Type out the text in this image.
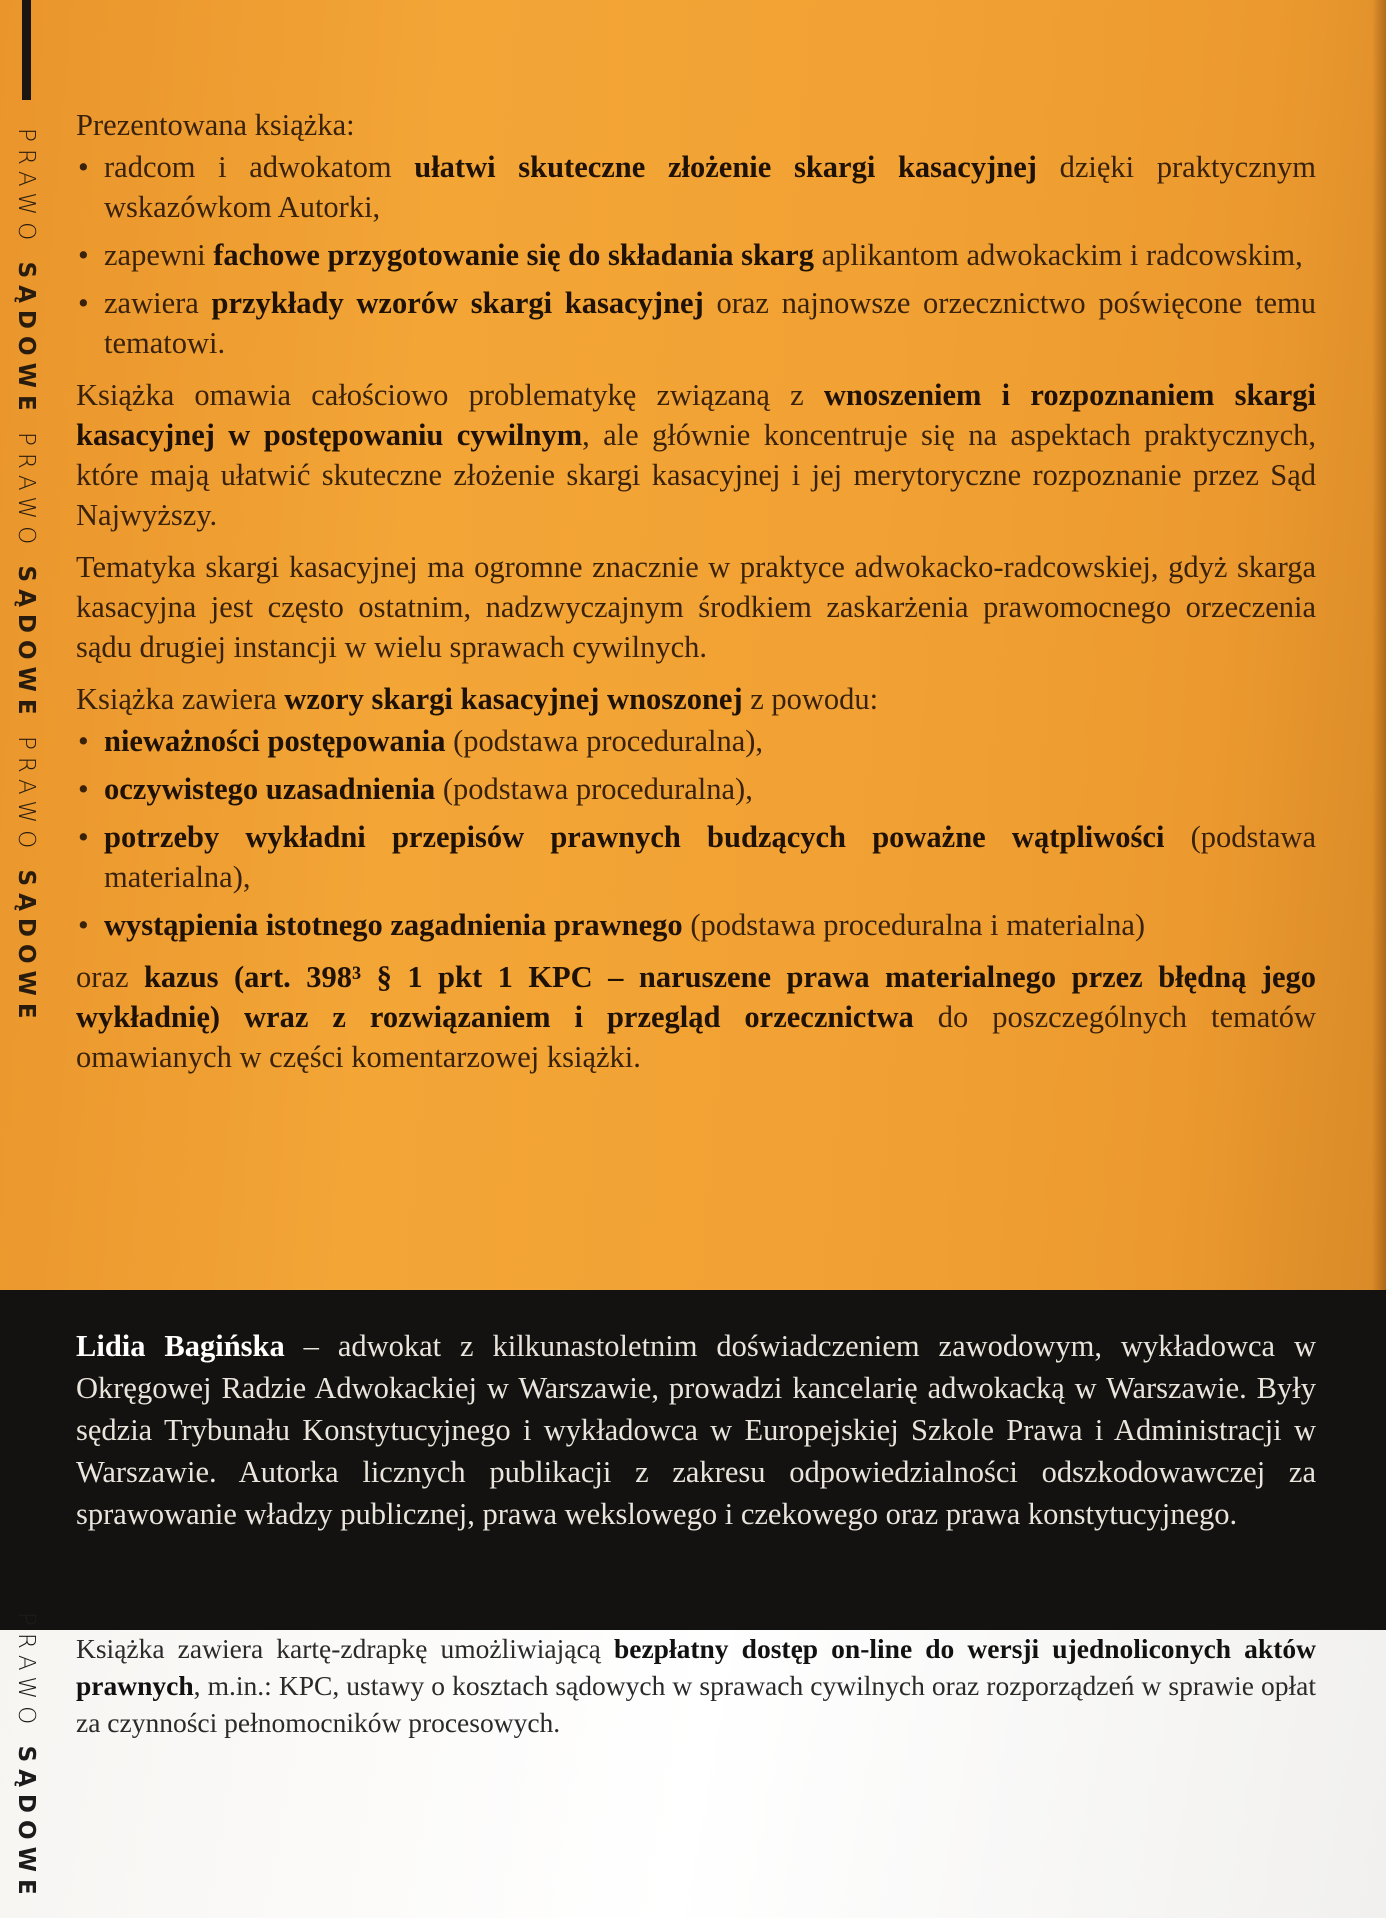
PRAWO SĄDOWE PRAWO SĄDOWE PRAWO SĄDOWE
PRAWO SĄDOWE

Prezentowana książka:

• radcom i adwokatom ułatwi skuteczne złożenie skargi kasacyjnej dzięki praktycznym wskazówkom Autorki,
• zapewni fachowe przygotowanie się do składania skarg aplikantom adwokackim i radcowskim,
• zawiera przykłady wzorów skargi kasacyjnej oraz najnowsze orzecznictwo poświęcone temu tematowi.

Książka omawia całościowo problematykę związaną z wnoszeniem i rozpoznaniem skargi kasacyjnej w postępowaniu cywilnym, ale głównie koncentruje się na aspektach praktycznych, które mają ułatwić skuteczne złożenie skargi kasacyjnej i jej merytoryczne rozpoznanie przez Sąd Najwyższy.

Tematyka skargi kasacyjnej ma ogromne znacznie w praktyce adwokacko-radcowskiej, gdyż skarga kasacyjna jest często ostatnim, nadzwyczajnym środkiem zaskarżenia prawomocnego orzeczenia sądu drugiej instancji w wielu sprawach cywilnych.

Książka zawiera wzory skargi kasacyjnej wnoszonej z powodu:

• nieważności postępowania (podstawa proceduralna),
• oczywistego uzasadnienia (podstawa proceduralna),
• potrzeby wykładni przepisów prawnych budzących poważne wątpliwości (podstawa materialna),
• wystąpienia istotnego zagadnienia prawnego (podstawa proceduralna i materialna)

oraz kazus (art. 398³ § 1 pkt 1 KPC – naruszene prawa materialnego przez błędną jego wykładnię) wraz z rozwiązaniem i przegląd orzecznictwa do poszczególnych tematów omawianych w części komentarzowej książki.

Lidia Bagińska – adwokat z kilkunastoletnim doświadczeniem zawodowym, wykładowca w Okręgowej Radzie Adwokackiej w Warszawie, prowadzi kancelarię adwokacką w Warszawie. Były sędzia Trybunału Konstytucyjnego i wykładowca w Europejskiej Szkole Prawa i Administracji w Warszawie. Autorka licznych publikacji z zakresu odpowiedzialności odszkodowawczej za sprawowanie władzy publicznej, prawa wekslowego i czekowego oraz prawa konstytucyjnego.
Książka zawiera kartę-zdrapkę umożliwiającą bezpłatny dostęp on-line do wersji ujednoliconych aktów prawnych, m.in.: KPC, ustawy o kosztach sądowych w sprawach cywilnych oraz rozporządzeń w sprawie opłat za czynności pełnomocników procesowych.
